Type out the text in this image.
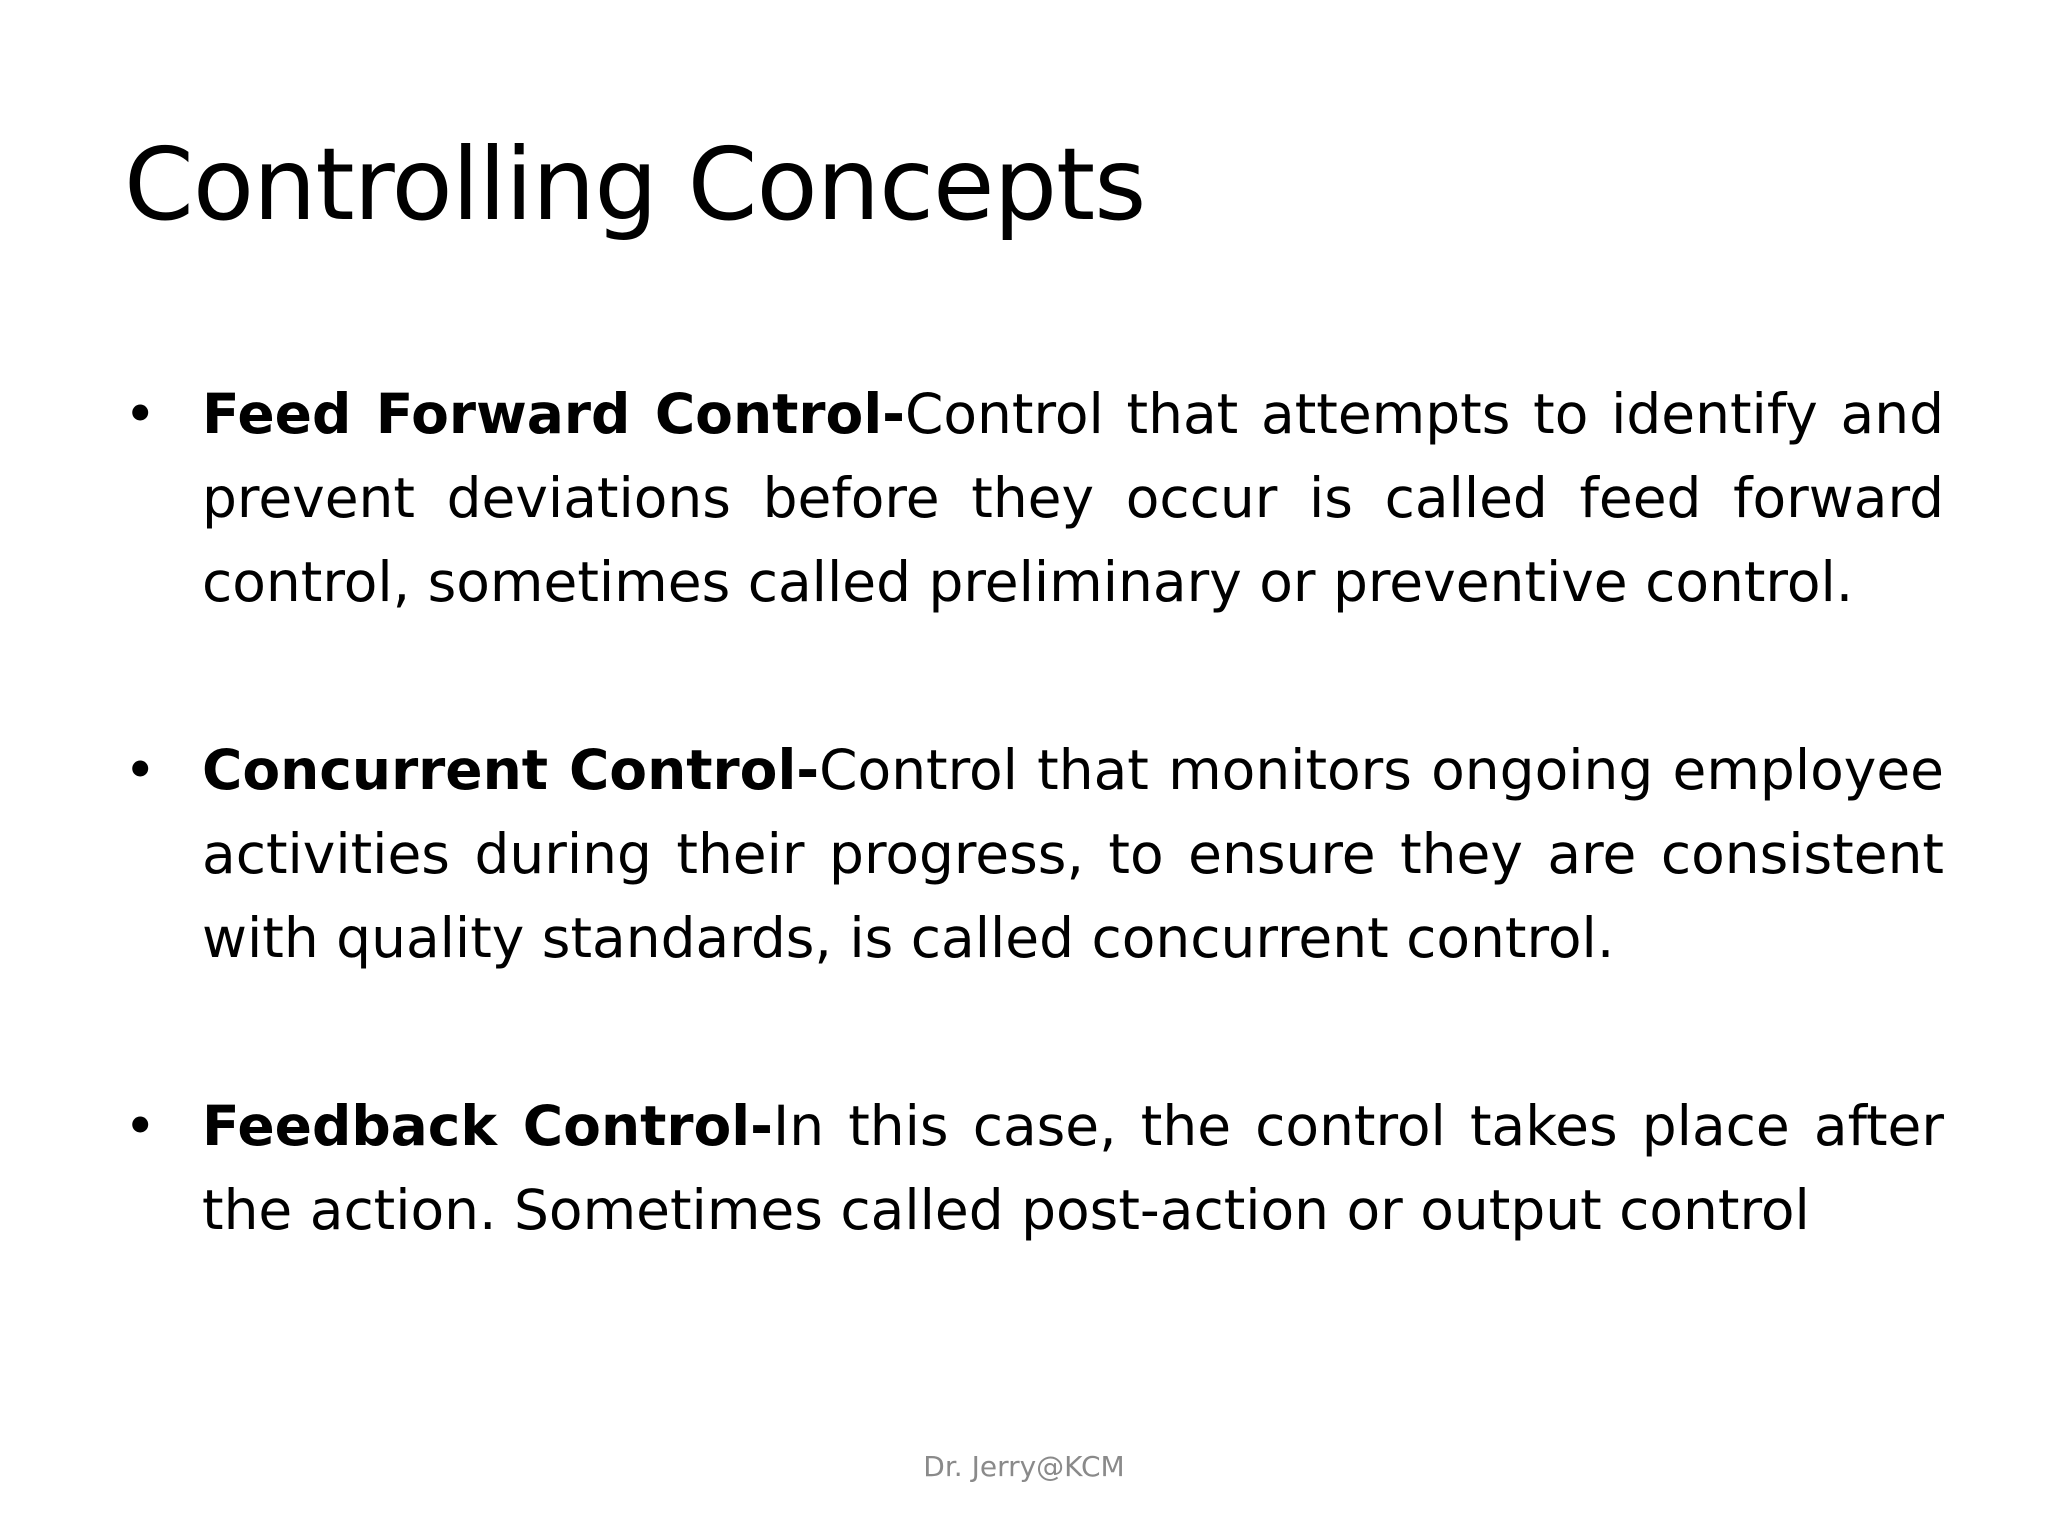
Controlling Concepts
• Feed Forward Control-Control that attempts to identify and prevent deviations before they occur is called feed forward control, sometimes called preliminary or preventive control.
• Concurrent Control-Control that monitors ongoing employee activities during their progress, to ensure they are consistent with quality standards, is called concurrent control.
• Feedback Control-In this case, the control takes place after the action. Sometimes called post-action or output control
Dr. Jerry@KCM
